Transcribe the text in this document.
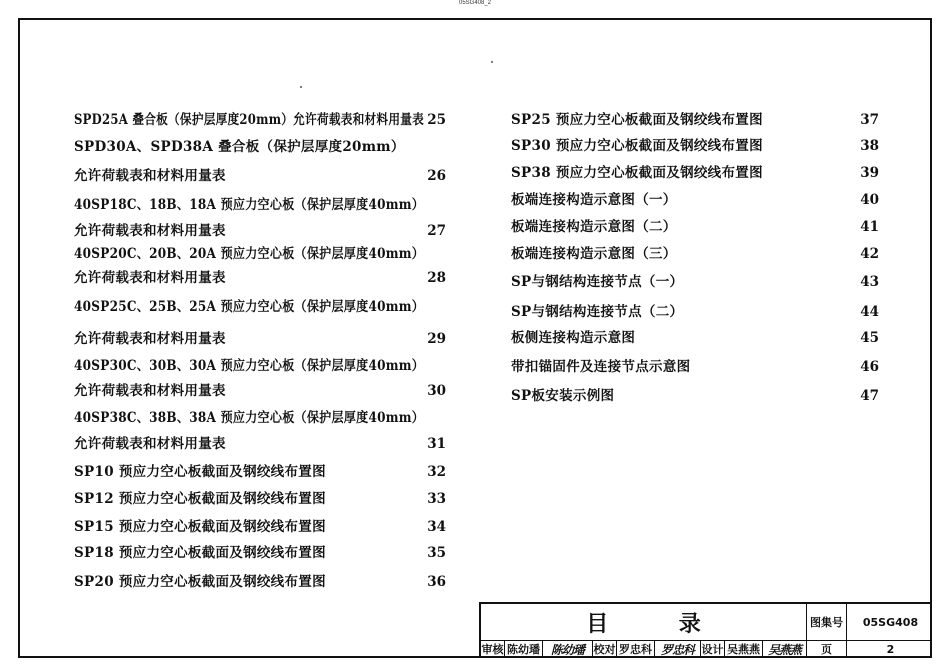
05SG408_2
SPD25A 叠合板（保护层厚度20mm）允许荷载表和材料用量表 25
SPD30A、SPD38A 叠合板（保护层厚度20mm）
允许荷载表和材料用量表	26
40SP18C、18B、18A 预应力空心板（保护层厚度40mm）
允许荷载表和材料用量表	27
40SP20C、20B、20A 预应力空心板（保护层厚度40mm）
允许荷载表和材料用量表	28
40SP25C、25B、25A 预应力空心板（保护层厚度40mm）
允许荷载表和材料用量表	29
40SP30C、30B、30A 预应力空心板（保护层厚度40mm）
允许荷载表和材料用量表	30
40SP38C、38B、38A 预应力空心板（保护层厚度40mm）
允许荷载表和材料用量表	31
SP10 预应力空心板截面及钢绞线布置图	32
SP12 预应力空心板截面及钢绞线布置图	33
SP15 预应力空心板截面及钢绞线布置图	34
SP18 预应力空心板截面及钢绞线布置图	35
SP20 预应力空心板截面及钢绞线布置图	36
SP25 预应力空心板截面及钢绞线布置图	37
SP30 预应力空心板截面及钢绞线布置图	38
SP38 预应力空心板截面及钢绞线布置图	39
板端连接构造示意图（一）	40
板端连接构造示意图（二）	41
板端连接构造示意图（三）	42
SP与钢结构连接节点（一）	43
SP与钢结构连接节点（二）	44
板侧连接构造示意图	45
带扣锚固件及连接节点示意图	46
SP板安装示例图	47
目	录	图集号	05SG408
审核 陈幼璠 陈幼璠 校对 罗忠科 罗忠科 设计 吴燕燕 吴燕燕	页	2
